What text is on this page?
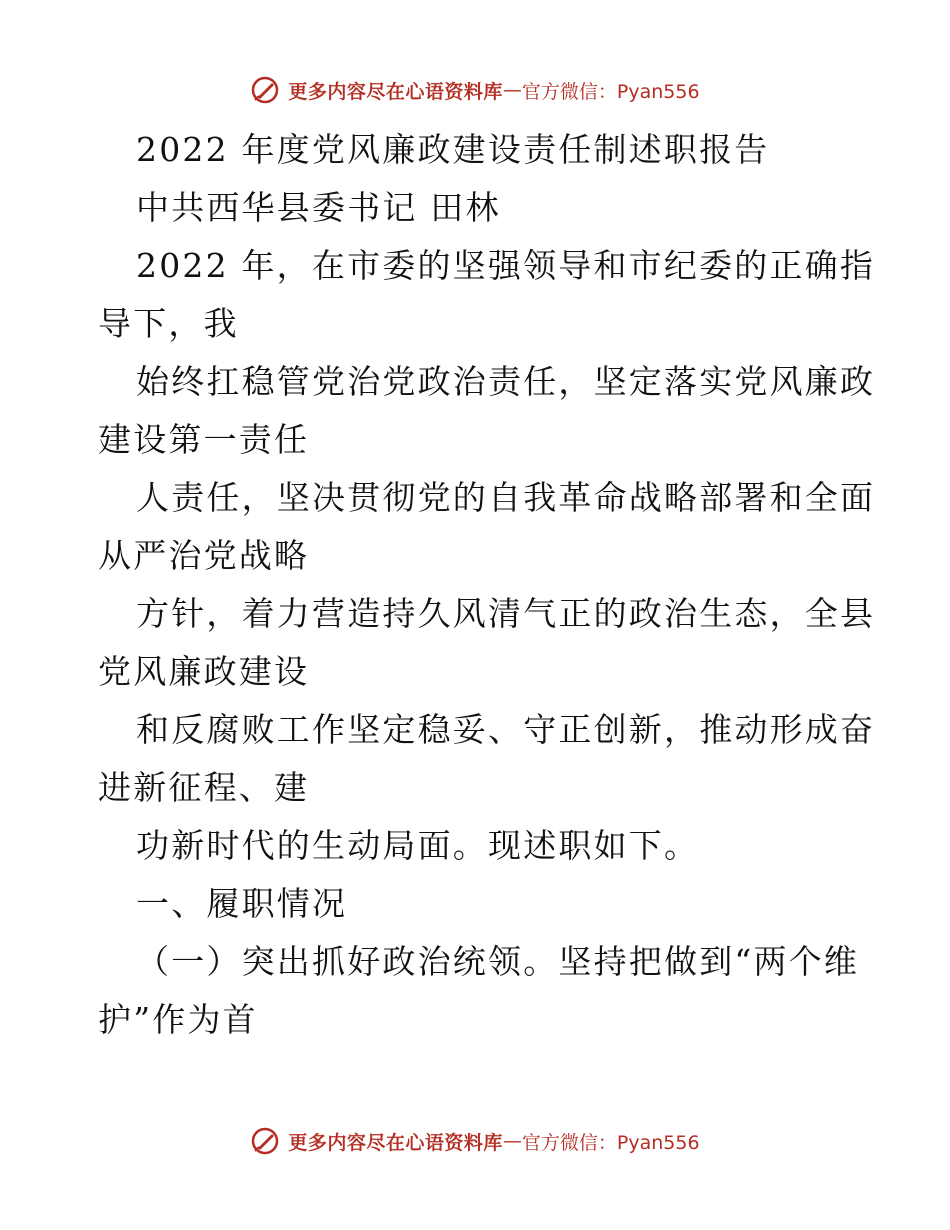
更多内容尽在心语资料库 — 官方微信：Pyan556
2022 年度党风廉政建设责任制述职报告
中共西华县委书记 田林
2022 年，在市委的坚强领导和市纪委的正确指
导下，我
始终扛稳管党治党政治责任，坚定落实党风廉政
建设第一责任
人责任，坚决贯彻党的自我革命战略部署和全面
从严治党战略
方针，着力营造持久风清气正的政治生态，全县
党风廉政建设
和反腐败工作坚定稳妥、守正创新，推动形成奋
进新征程、建
功新时代的生动局面。现述职如下。
一、履职情况
（一）突出抓好政治统领。坚持把做到“两个维
护”作为首
更多内容尽在心语资料库 — 官方微信：Pyan556
